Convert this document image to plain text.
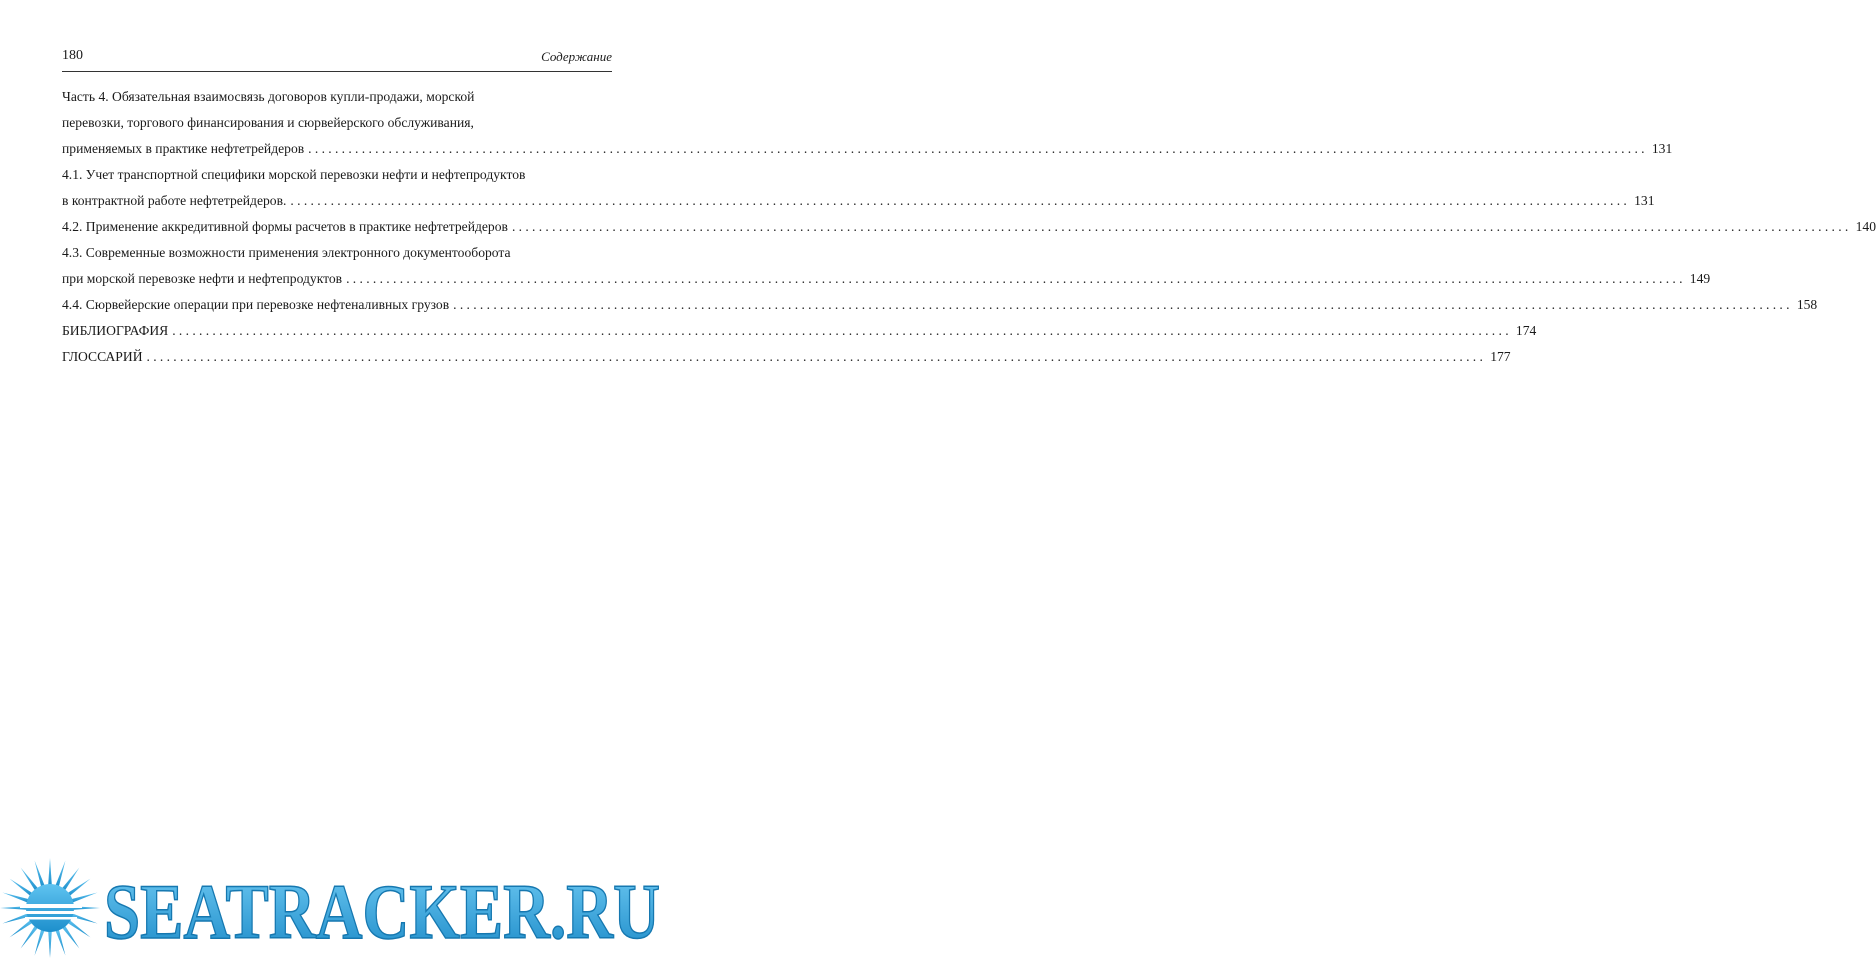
180	Содержание
Часть 4. Обязательная взаимосвязь договоров купли-продажи, морской
перевозки, торгового финансирования и сюрвейерского обслуживания,
применяемых в практике нефтетрейдеров ........................................................................................................................................................................................................ 131
4.1. Учет транспортной специфики морской перевозки нефти и нефтепродуктов
в контрактной работе нефтетрейдеров. ........................................................................................................................................................................................................ 131
4.2. Применение аккредитивной формы расчетов в практике нефтетрейдеров ........................................................................................................................................................................................................ 140
4.3. Современные возможности применения электронного документооборота
при морской перевозке нефти и нефтепродуктов ........................................................................................................................................................................................................ 149
4.4. Сюрвейерские операции при перевозке нефтеналивных грузов ........................................................................................................................................................................................................ 158
БИБЛИОГРАФИЯ ........................................................................................................................................................................................................ 174
ГЛОССАРИЙ ........................................................................................................................................................................................................ 177
SEATRACKER.RU
